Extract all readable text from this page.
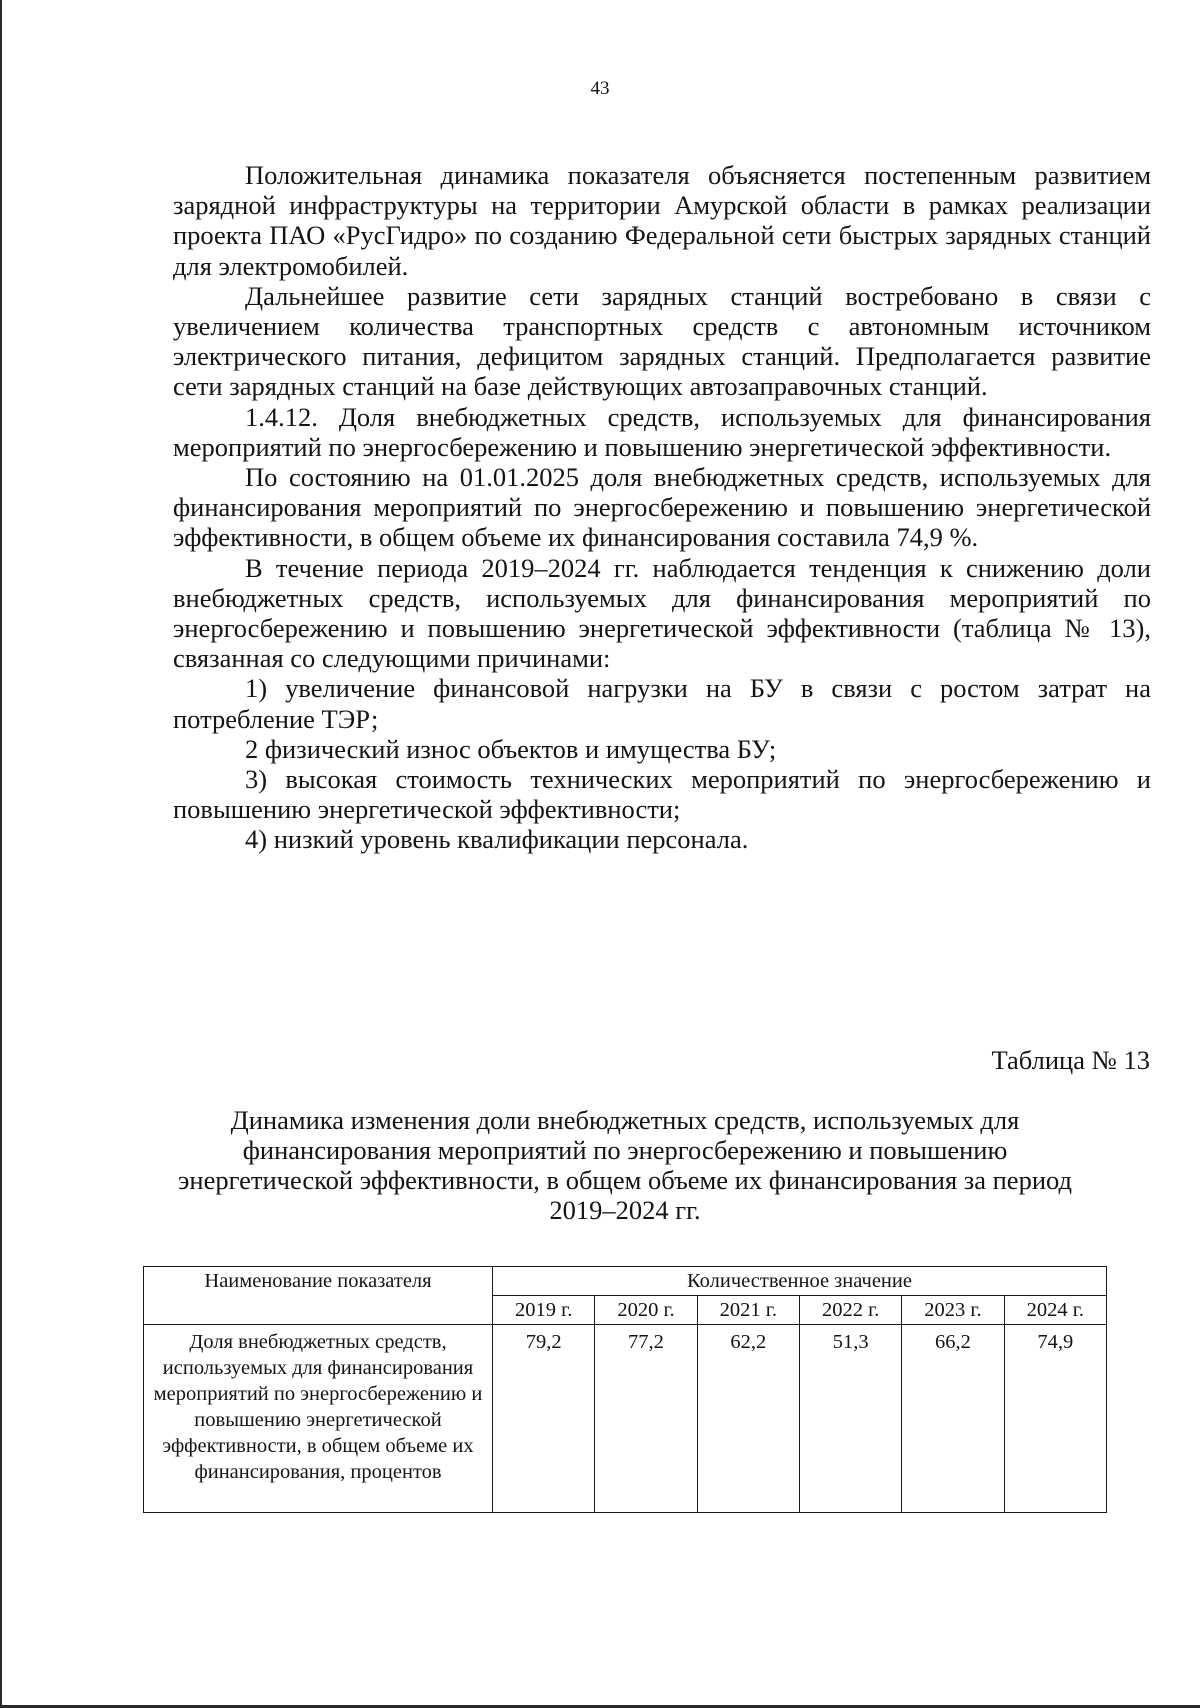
43

Положительная динамика показателя объясняется постепенным развитием зарядной инфраструктуры на территории Амурской области в рамках реализации проекта ПАО «РусГидро» по созданию Федеральной сети быстрых зарядных станций для электромобилей.

Дальнейшее развитие сети зарядных станций востребовано в связи с увеличением количества транспортных средств с автономным источником электрического питания, дефицитом зарядных станций. Предполагается развитие сети зарядных станций на базе действующих автозаправочных станций.

1.4.12. Доля внебюджетных средств, используемых для финансирования мероприятий по энергосбережению и повышению энергетической эффективности.

По состоянию на 01.01.2025 доля внебюджетных средств, используемых для финансирования мероприятий по энергосбережению и повышению энергетической эффективности, в общем объеме их финансирования составила 74,9 %.

В течение периода 2019–2024 гг. наблюдается тенденция к снижению доли внебюджетных средств, используемых для финансирования мероприятий по энергосбережению и повышению энергетической эффективности (таблица № 13), связанная со следующими причинами:

1) увеличение финансовой нагрузки на БУ в связи с ростом затрат на потребление ТЭР;

2 физический износ объектов и имущества БУ;

3) высокая стоимость технических мероприятий по энергосбережению и повышению энергетической эффективности;

4) низкий уровень квалификации персонала.

Таблица № 13
Динамика изменения доли внебюджетных средств, используемых для финансирования мероприятий по энергосбережению и повышению энергетической эффективности, в общем объеме их финансирования за период 2019–2024 гг.
Наименование показателя	Количественное значение					
	2019 г.	2020 г.	2021 г.	2022 г.	2023 г.	2024 г.
Доля внебюджетных средств, используемых для финансирования мероприятий по энергосбережению и повышению энергетической эффективности, в общем объеме их финансирования, процентов	79,2	77,2	62,2	51,3	66,2	74,9
